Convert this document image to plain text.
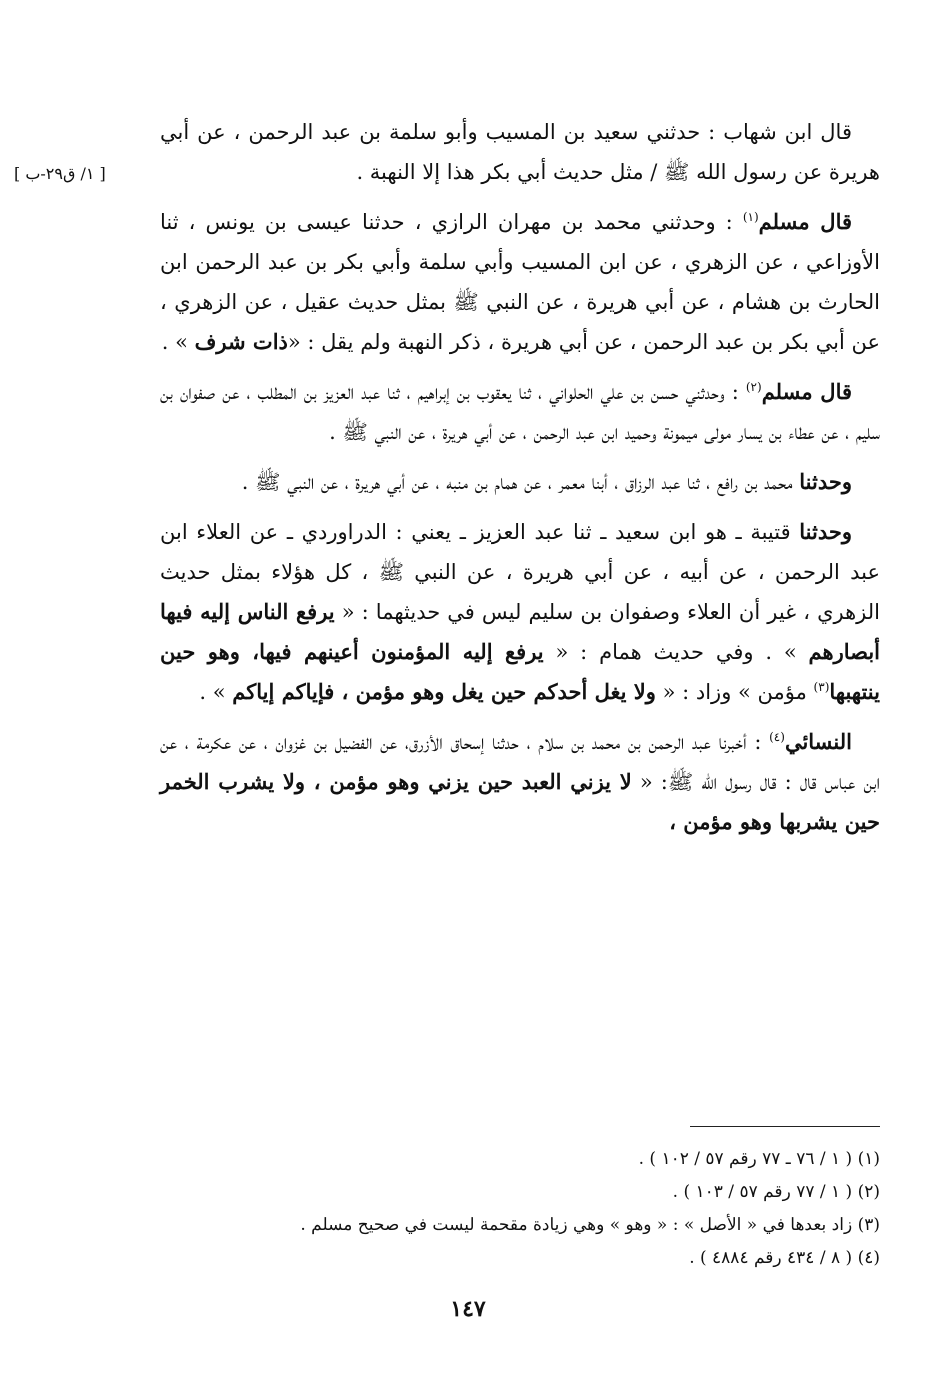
[ ١/ ق٢٩-ب ]

قال ابن شهاب : حدثني سعيد بن المسيب وأبو سلمة بن عبد الرحمن ، عن أبي هريرة عن رسول الله ﷺ / مثل حديث أبي بكر هذا إلا النهبة .

قال مسلم$^{(١)}$ : وحدثني محمد بن مهران الرازي ، حدثنا عيسى بن يونس ، ثنا الأوزاعي ، عن الزهري ، عن ابن المسيب وأبي سلمة وأبي بكر بن عبد الرحمن ابن الحارث بن هشام ، عن أبي هريرة ، عن النبي ﷺ بمثل حديث عقيل ، عن الزهري ، عن أبي بكر بن عبد الرحمن ، عن أبي هريرة ، ذكر النهبة ولم يقل : «ذات شرف » .

قال مسلم$^{(٢)}$ : وحدثني حسن بن علي الحلواني ، ثنا يعقوب بن إبراهيم ، ثنا عبد العزيز بن المطلب ، عن صفوان بن سليم ، عن عطاء بن يسار مولى ميمونة وحميد ابن عبد الرحمن ، عن أبي هريرة ، عن النبي ﷺ .

وحدثنا محمد بن رافع ، ثنا عبد الرزاق ، أبنا معمر ، عن همام بن منبه ، عن أبي هريرة ، عن النبي ﷺ .

وحدثنا قتيبة ـ هو ابن سعيد ـ ثنا عبد العزيز ـ يعني : الدراوردي ـ عن العلاء ابن عبد الرحمن ، عن أبيه ، عن أبي هريرة ، عن النبي ﷺ ، كل هؤلاء بمثل حديث الزهري ، غير أن العلاء وصفوان بن سليم ليس في حديثهما : « يرفع الناس إليه فيها أبصارهم » . وفي حديث همام : « يرفع إليه المؤمنون أعينهم فيها، وهو حين ينتهبها$^{(٣)}$ مؤمن » وزاد : « ولا يغل أحدكم حين يغل وهو مؤمن ، فإياكم إياكم » .

النسائي$^{(٤)}$ : أخبرنا عبد الرحمن بن محمد بن سلام ، حدثنا إسحاق الأزرق، عن الفضيل بن غزوان ، عن عكرمة ، عن ابن عباس قال : قال رسول الله ﷺ: « لا يزني العبد حين يزني وهو مؤمن ، ولا يشرب الخمر حين يشربها وهو مؤمن ،

(١) ( ١ / ٧٦ ـ ٧٧ رقم ٥٧ / ١٠٢ ) .
(٢) ( ١ / ٧٧ رقم ٥٧ / ١٠٣ ) .
(٣) زاد بعدها في « الأصل » : « وهو » وهي زيادة مقحمة ليست في صحيح مسلم .
(٤) ( ٨ / ٤٣٤ رقم ٤٨٨٤ ) .
١٤٧
